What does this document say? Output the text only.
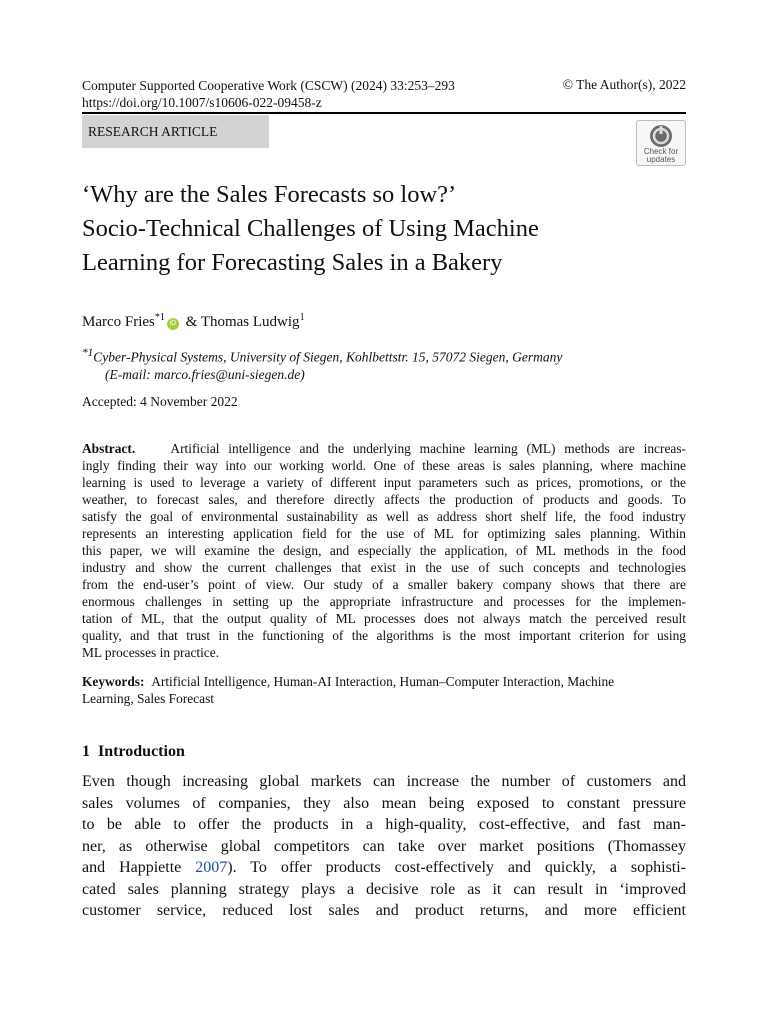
Computer Supported Cooperative Work (CSCW) (2024) 33:253–293
https://doi.org/10.1007/s10606-022-09458-z
© The Author(s), 2022
RESEARCH ARTICLE
Check for
updates
‘Why are the Sales Forecasts so low?’
Socio-Technical Challenges of Using Machine
Learning for Forecasting Sales in a Bakery
Marco Fries$^{*1}$iD & Thomas Ludwig$^1$
$^{*1}$Cyber-Physical Systems, University of Siegen, Kohlbettstr. 15, 57072 Siegen, Germany
(E-mail: marco.fries@uni-siegen.de)
Accepted: 4 November 2022
Abstract.	Artificial intelligence and the underlying machine learning (ML) methods are increas-
ingly finding their way into our working world. One of these areas is sales planning, where machine
learning is used to leverage a variety of different input parameters such as prices, promotions, or the
weather, to forecast sales, and therefore directly affects the production of products and goods. To
satisfy the goal of environmental sustainability as well as address short shelf life, the food industry
represents an interesting application field for the use of ML for optimizing sales planning. Within
this paper, we will examine the design, and especially the application, of ML methods in the food
industry and show the current challenges that exist in the use of such concepts and technologies
from the end-user’s point of view. Our study of a smaller bakery company shows that there are
enormous challenges in setting up the appropriate infrastructure and processes for the implemen-
tation of ML, that the output quality of ML processes does not always match the perceived result
quality, and that trust in the functioning of the algorithms is the most important criterion for using
ML processes in practice.
Keywords: Artificial Intelligence, Human-AI Interaction, Human–Computer Interaction, Machine
Learning, Sales Forecast
1 Introduction
Even though increasing global markets can increase the number of customers and
sales volumes of companies, they also mean being exposed to constant pressure
to be able to offer the products in a high-quality, cost-effective, and fast man-
ner, as otherwise global competitors can take over market positions (Thomassey
and Happiette 2007). To offer products cost-effectively and quickly, a sophisti-
cated sales planning strategy plays a decisive role as it can result in ‘improved
customer service, reduced lost sales and product returns, and more efficient
